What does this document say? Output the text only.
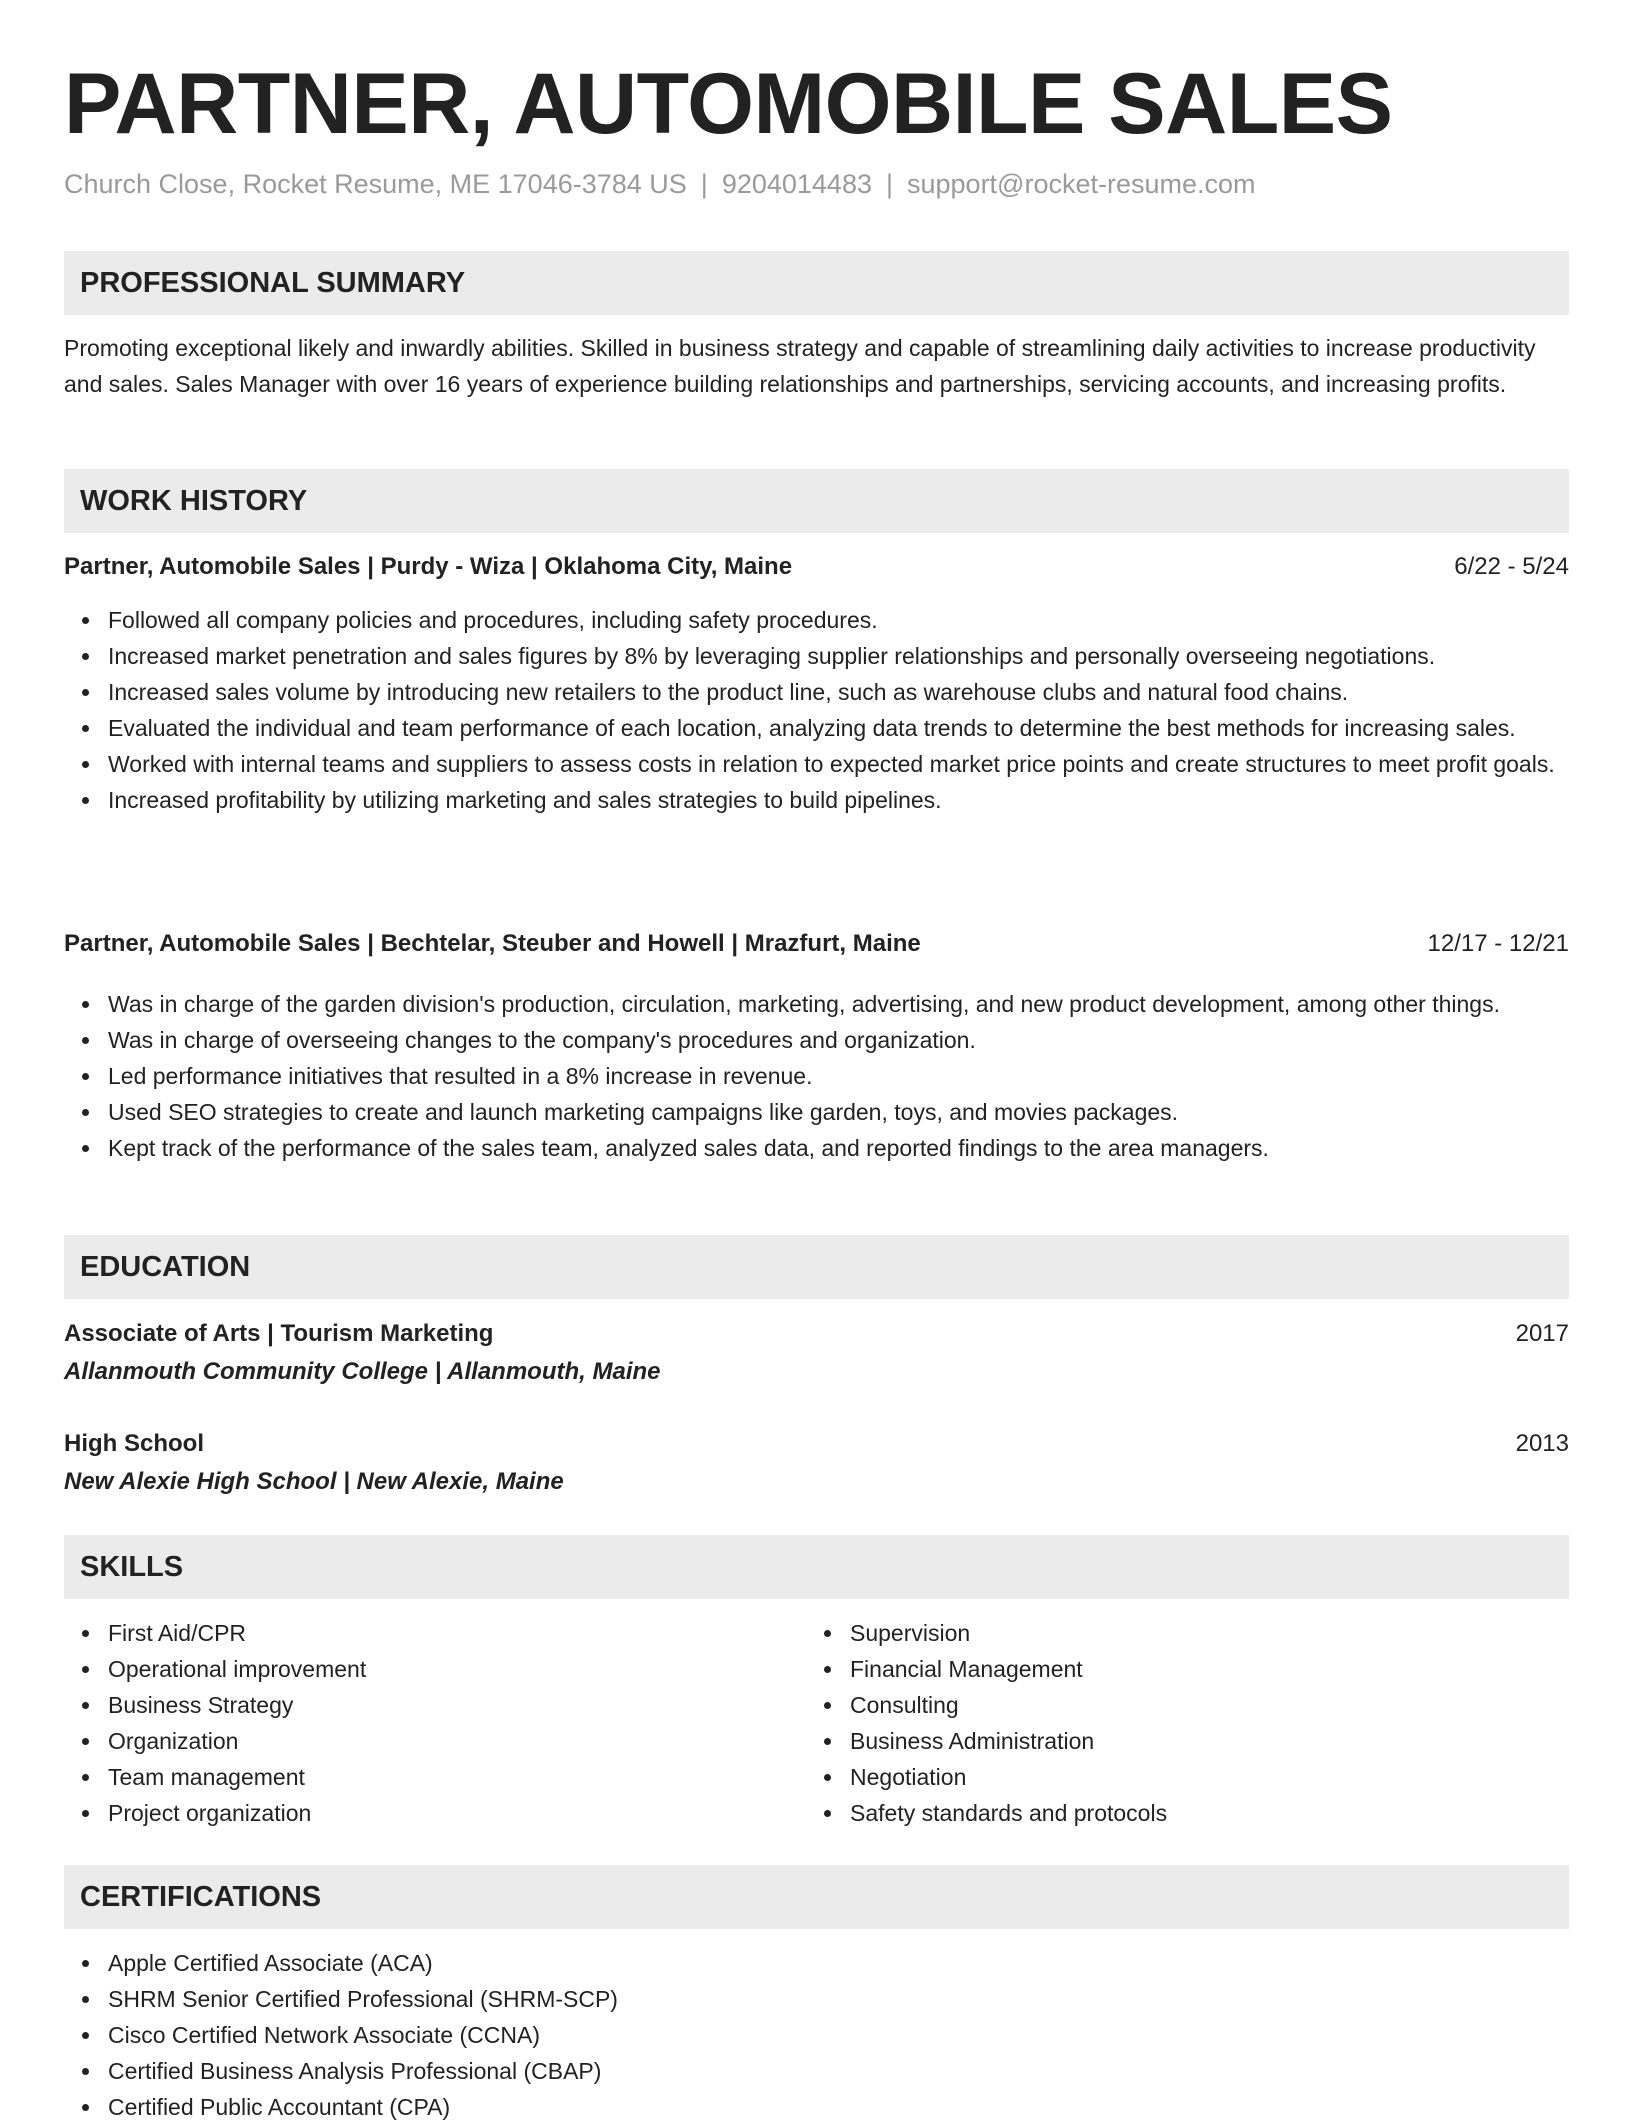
PARTNER, AUTOMOBILE SALES
Church Close, Rocket Resume, ME 17046-3784 US | 9204014483 | support@rocket-resume.com
PROFESSIONAL SUMMARY

Promoting exceptional likely and inwardly abilities. Skilled in business strategy and capable of streamlining daily activities to increase productivity and sales. Sales Manager with over 16 years of experience building relationships and partnerships, servicing accounts, and increasing profits.

WORK HISTORY
Partner, Automobile Sales | Purdy - Wiza | Oklahoma City, Maine	6/22 - 5/24
Followed all company policies and procedures, including safety procedures.
Increased market penetration and sales figures by 8% by leveraging supplier relationships and personally overseeing negotiations.
Increased sales volume by introducing new retailers to the product line, such as warehouse clubs and natural food chains.
Evaluated the individual and team performance of each location, analyzing data trends to determine the best methods for increasing sales.
Worked with internal teams and suppliers to assess costs in relation to expected market price points and create structures to meet profit goals.
Increased profitability by utilizing marketing and sales strategies to build pipelines.
Partner, Automobile Sales | Bechtelar, Steuber and Howell | Mrazfurt, Maine	12/17 - 12/21
Was in charge of the garden division's production, circulation, marketing, advertising, and new product development, among other things.
Was in charge of overseeing changes to the company's procedures and organization.
Led performance initiatives that resulted in a 8% increase in revenue.
Used SEO strategies to create and launch marketing campaigns like garden, toys, and movies packages.
Kept track of the performance of the sales team, analyzed sales data, and reported findings to the area managers.
EDUCATION
Associate of Arts | Tourism Marketing	2017
Allanmouth Community College | Allanmouth, Maine
High School	2013
New Alexie High School | New Alexie, Maine
SKILLS
First Aid/CPR
Operational improvement
Business Strategy
Organization
Team management
Project organization
Supervision
Financial Management
Consulting
Business Administration
Negotiation
Safety standards and protocols
CERTIFICATIONS
Apple Certified Associate (ACA)
SHRM Senior Certified Professional (SHRM-SCP)
Cisco Certified Network Associate (CCNA)
Certified Business Analysis Professional (CBAP)
Certified Public Accountant (CPA)
